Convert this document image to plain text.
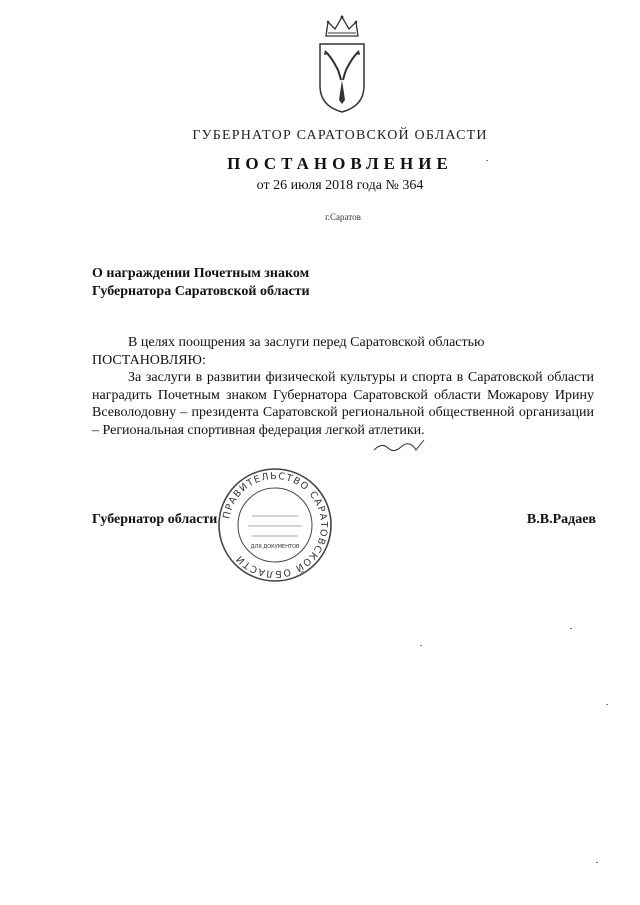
ГУБЕРНАТОР САРАТОВСКОЙ ОБЛАСТИ
ПОСТАНОВЛЕНИЕ
от 26 июля 2018 года № 364
г.Саратов
О награждении Почетным знаком
Губернатора Саратовской области

В целях поощрения за заслуги перед Саратовской областью

ПОСТАНОВЛЯЮ:

За заслуги в развитии физической культуры и спорта в Саратовской области наградить Почетным знаком Губернатора Саратовской области Можарову Ирину Всеволодовну – президента Саратовской региональной общественной организации – Региональная спортивная федерация легкой атлетики.

Губернатор области	В.В.Радаев
ПРАВИТЕЛЬСТВО САРАТОВСКОЙ ОБЛАСТИ
ДЛЯ ДОКУМЕНТОВ
